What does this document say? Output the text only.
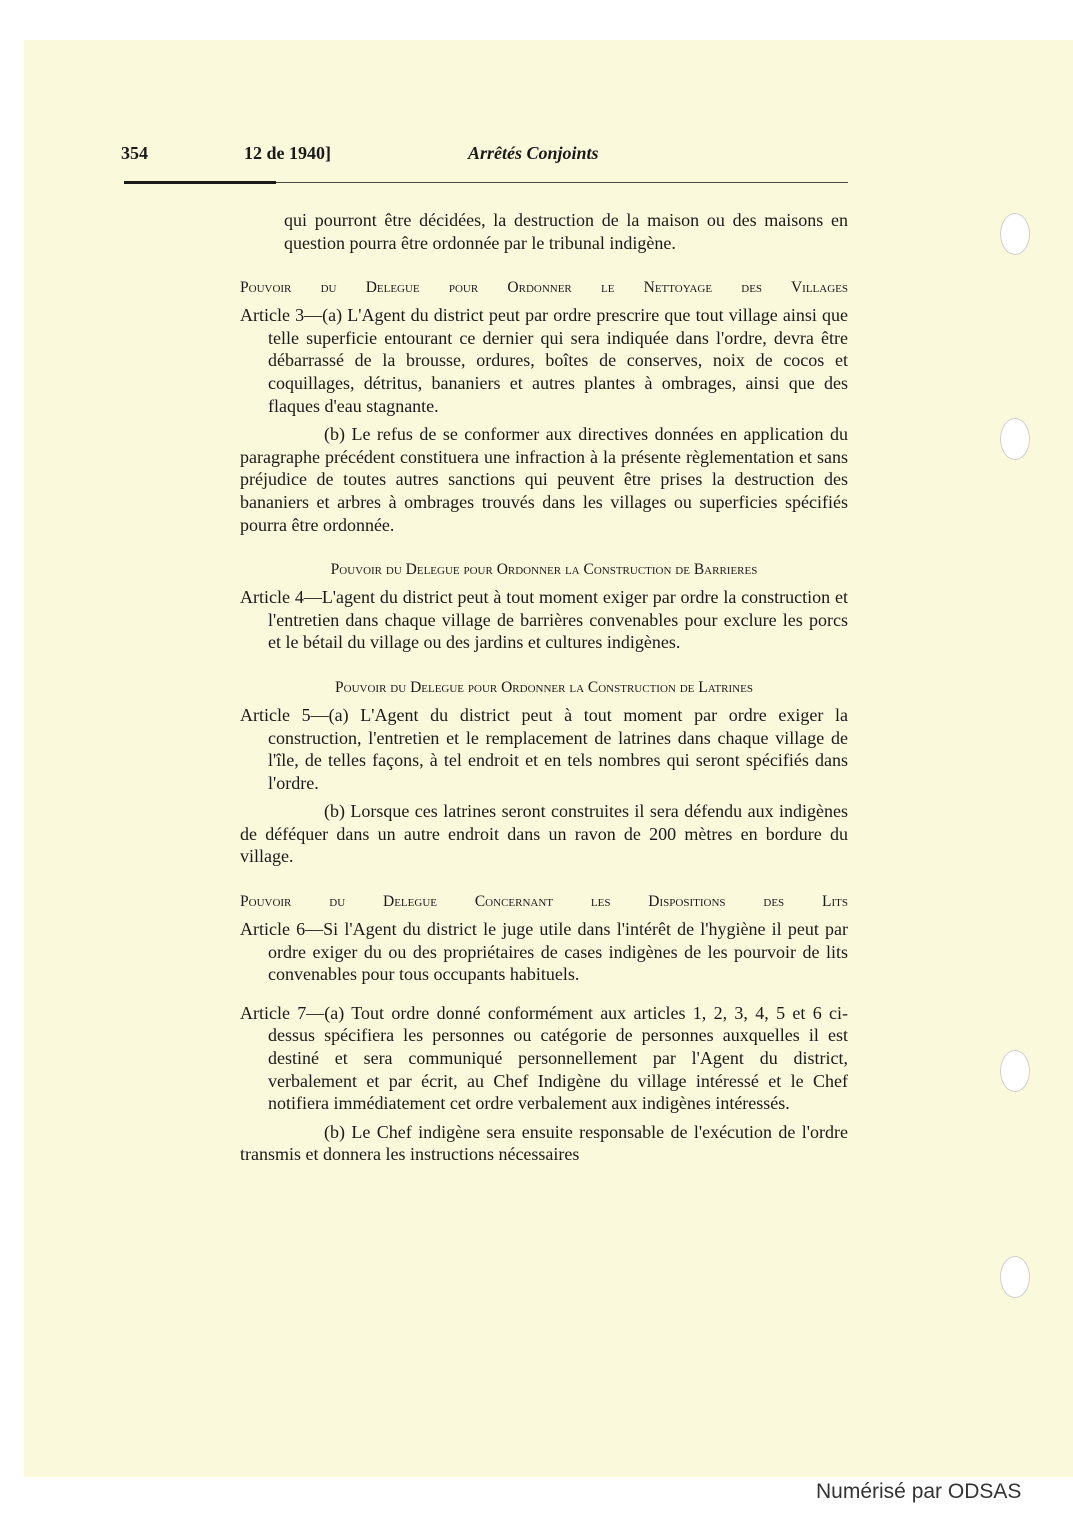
354	12 de 1940]	Arrêtés Conjoints

qui pourront être décidées, la destruction de la maison ou des maisons en question pourra être ordonnée par le tribunal indigène.

Pouvoir du Delegue pour Ordonner le Nettoyage des Villages

Article 3—(a) L'Agent du district peut par ordre prescrire que tout village ainsi que telle superficie entourant ce dernier qui sera indiquée dans l'ordre, devra être débarrassé de la brousse, ordures, boîtes de conserves, noix de cocos et coquillages, détritus, bananiers et autres plantes à ombrages, ainsi que des flaques d'eau stagnante.

(b) Le refus de se conformer aux directives données en application du paragraphe précédent constituera une infraction à la présente règlementation et sans préjudice de toutes autres sanctions qui peuvent être prises la destruction des bananiers et arbres à ombrages trouvés dans les villages ou superficies spécifiés pourra être ordonnée.

Pouvoir du Delegue pour Ordonner la Construction de Barrieres

Article 4—L'agent du district peut à tout moment exiger par ordre la construction et l'entretien dans chaque village de barrières convenables pour exclure les porcs et le bétail du village ou des jardins et cultures indigènes.

Pouvoir du Delegue pour Ordonner la Construction de Latrines

Article 5—(a) L'Agent du district peut à tout moment par ordre exiger la construction, l'entretien et le remplacement de latrines dans chaque village de l'île, de telles façons, à tel endroit et en tels nombres qui seront spécifiés dans l'ordre.

(b) Lorsque ces latrines seront construites il sera défendu aux indigènes de déféquer dans un autre endroit dans un ravon de 200 mètres en bordure du village.

Pouvoir du Delegue Concernant les Dispositions des Lits

Article 6—Si l'Agent du district le juge utile dans l'intérêt de l'hygiène il peut par ordre exiger du ou des propriétaires de cases indigènes de les pourvoir de lits convenables pour tous occupants habituels.

Article 7—(a) Tout ordre donné conformément aux articles 1, 2, 3, 4, 5 et 6 ci-dessus spécifiera les personnes ou catégorie de personnes auxquelles il est destiné et sera communiqué personnellement par l'Agent du district, verbalement et par écrit, au Chef Indigène du village intéressé et le Chef notifiera immédiatement cet ordre verbalement aux indigènes intéressés.

(b) Le Chef indigène sera ensuite responsable de l'exécution de l'ordre transmis et donnera les instructions nécessaires

Numérisé par ODSAS
